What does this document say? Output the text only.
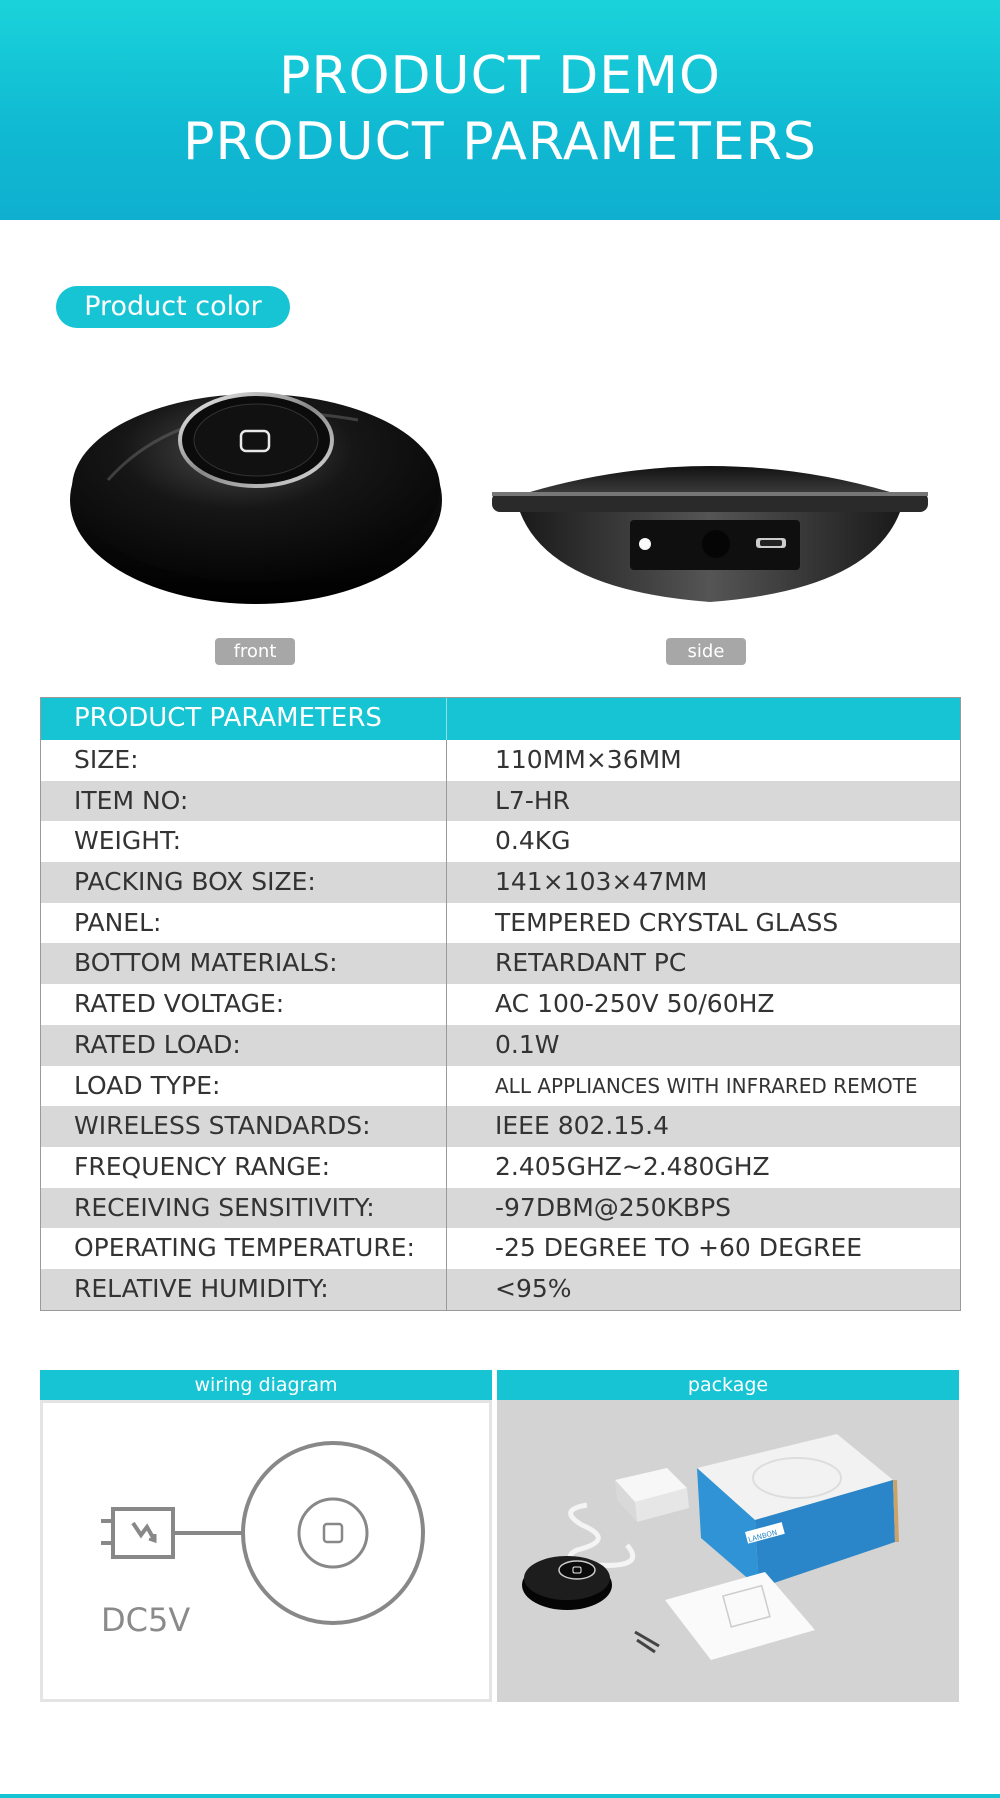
PRODUCT DEMO
PRODUCT PARAMETERS
Product color
front	side
PRODUCT PARAMETERS
SIZE:	110MM×36MM
ITEM NO:	L7-HR
WEIGHT:	0.4KG
PACKING BOX SIZE:	141×103×47MM
PANEL:	TEMPERED CRYSTAL GLASS
BOTTOM MATERIALS:	RETARDANT PC
RATED VOLTAGE:	AC 100-250V 50/60HZ
RATED LOAD:	0.1W
LOAD TYPE:	ALL APPLIANCES WITH INFRARED REMOTE
WIRELESS STANDARDS:	IEEE 802.15.4
FREQUENCY RANGE:	2.405GHZ~2.480GHZ
RECEIVING SENSITIVITY:	-97DBM@250KBPS
OPERATING TEMPERATURE:	-25 DEGREE TO +60 DEGREE
RELATIVE HUMIDITY:	<95%
wiring diagram
DC5V
package
LANBON
